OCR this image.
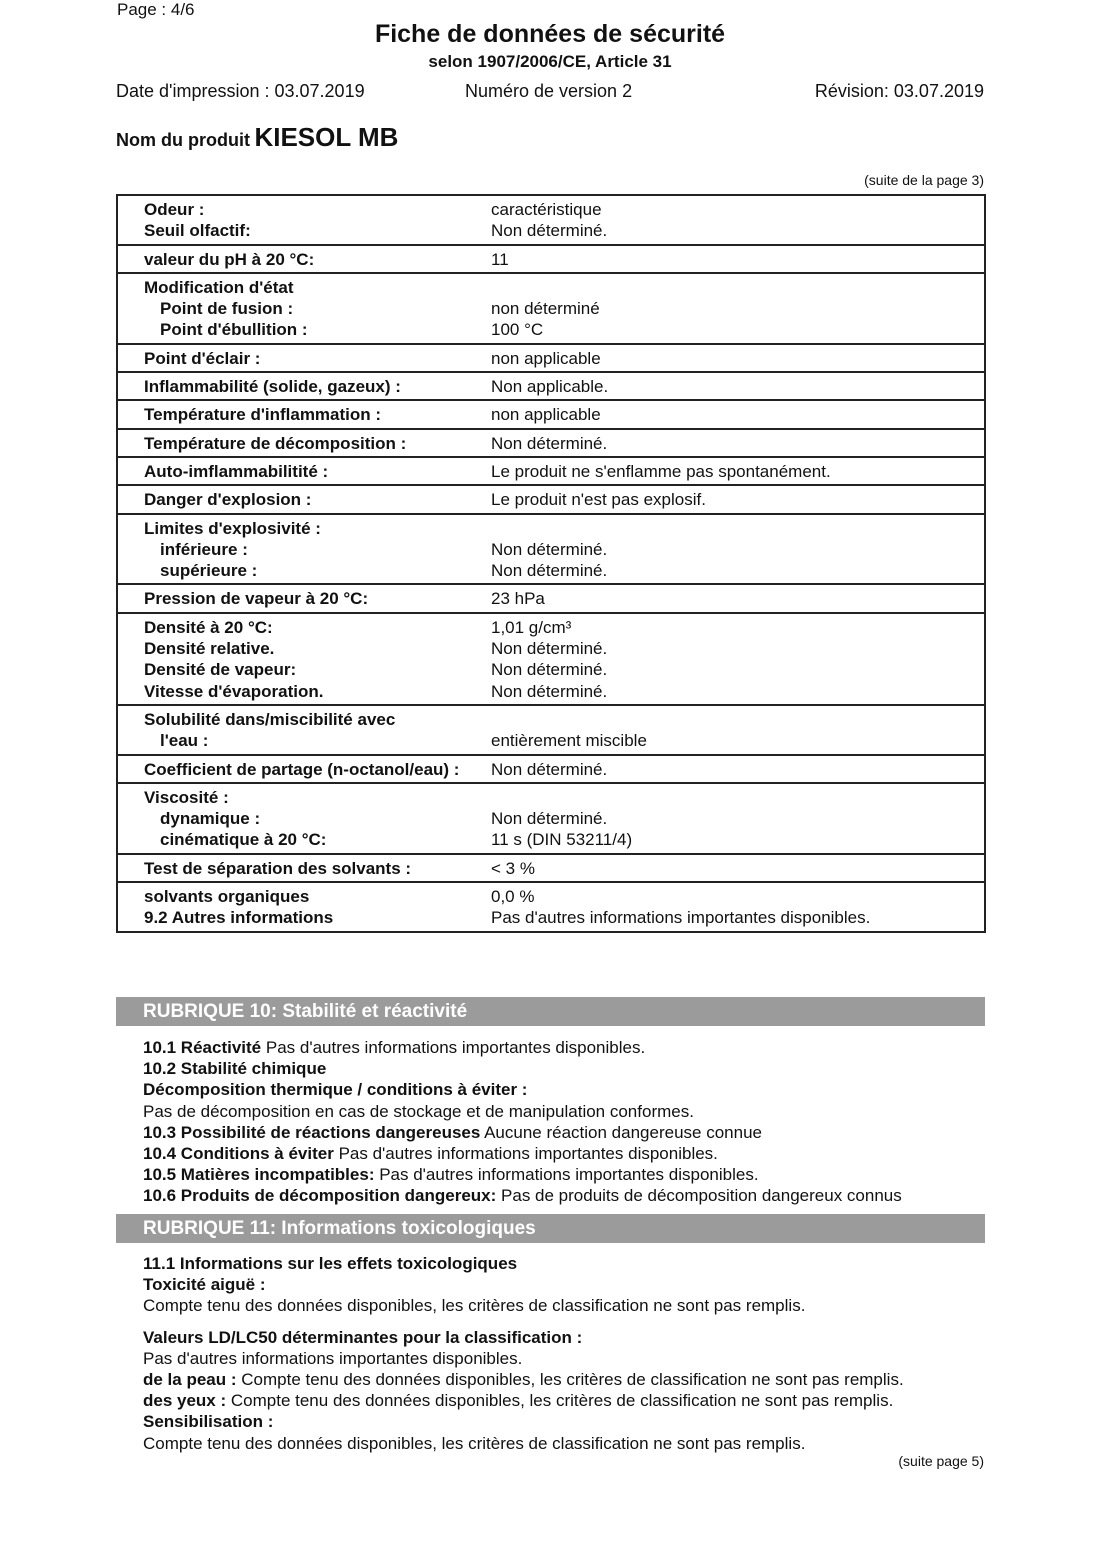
Page : 4/6
Fiche de données de sécurité
selon 1907/2006/CE, Article 31
Date d'impression : 03.07.2019	Numéro de version 2	Révision: 03.07.2019
Nom du produit KIESOL MB
(suite de la page 3)
Odeur :	caractéristique
Seuil olfactif:	Non déterminé.
valeur du pH à 20 °C:	11
Modification d'état
Point de fusion :	non déterminé
Point d'ébullition :	100 °C
Point d'éclair :	non applicable
Inflammabilité (solide, gazeux) :	Non applicable.
Température d'inflammation :	non applicable
Température de décomposition :	Non déterminé.
Auto-imflammabilitité :	Le produit ne s'enflamme pas spontanément.
Danger d'explosion :	Le produit n'est pas explosif.
Limites d'explosivité :
inférieure :	Non déterminé.
supérieure :	Non déterminé.
Pression de vapeur à 20 °C:	23 hPa
Densité à 20 °C:	1,01 g/cm³
Densité relative.	Non déterminé.
Densité de vapeur:	Non déterminé.
Vitesse d'évaporation.	Non déterminé.
Solubilité dans/miscibilité avec
l'eau :	entièrement miscible
Coefficient de partage (n-octanol/eau) :	Non déterminé.
Viscosité :
dynamique :	Non déterminé.
cinématique à 20 °C:	11 s (DIN 53211/4)
Test de séparation des solvants :	< 3 %
solvants organiques	0,0 %
9.2 Autres informations	Pas d'autres informations importantes disponibles.
RUBRIQUE 10: Stabilité et réactivité

10.1 Réactivité Pas d'autres informations importantes disponibles.

10.2 Stabilité chimique

Décomposition thermique / conditions à éviter :

Pas de décomposition en cas de stockage et de manipulation conformes.

10.3 Possibilité de réactions dangereuses Aucune réaction dangereuse connue

10.4 Conditions à éviter Pas d'autres informations importantes disponibles.

10.5 Matières incompatibles: Pas d'autres informations importantes disponibles.

10.6 Produits de décomposition dangereux: Pas de produits de décomposition dangereux connus

RUBRIQUE 11: Informations toxicologiques

11.1 Informations sur les effets toxicologiques

Toxicité aiguë :

Compte tenu des données disponibles, les critères de classification ne sont pas remplis.

Valeurs LD/LC50 déterminantes pour la classification :

Pas d'autres informations importantes disponibles.

de la peau : Compte tenu des données disponibles, les critères de classification ne sont pas remplis.

des yeux : Compte tenu des données disponibles, les critères de classification ne sont pas remplis.

Sensibilisation :

Compte tenu des données disponibles, les critères de classification ne sont pas remplis.

(suite page 5)
